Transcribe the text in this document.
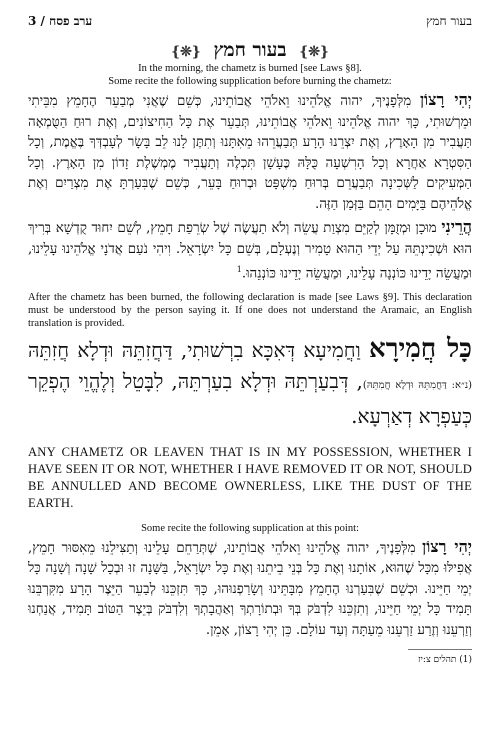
ערב פסח / 3	בעור חמץ
{❊} בעור חמץ {❊}
In the morning, the chametz is burned [see Laws §8].
Some recite the following supplication before burning the chametz:
יְהִי רָצוֹן מִלְּפָנֶיךָ, יהוה אֱלֹהֵינוּ וֵאלֹהֵי אֲבוֹתֵינוּ, כְּשֵׁם שֶׁאֲנִי מְבַעֵר הֶחָמֵץ מִבֵּיתִי וּמֵרְשׁוּתִי, כָּךְ יהוה אֱלֹהֵינוּ וֵאלֹהֵי אֲבוֹתֵינוּ, תְּבַעֵר אֶת כָּל הַחִיצוֹנִים, וְאֶת רוּחַ הַטֻּמְאָה תַּעֲבִיר מִן הָאָרֶץ, וְאֶת יִצְרֵנוּ הָרָע תְּבַעֲרֵהוּ מֵאִתָּנוּ וְתִתֶּן לָנוּ לֵב בָּשָׂר לְעָבְדְּךָ בֶּאֱמֶת, וְכָל הַסִּטְרָא אַחֲרָא וְכָל הָרִשְׁעָה כֻּלָּהּ כֶּעָשָׁן תִּכְלֶה וְתַעֲבִיר מֶמְשֶׁלֶת זָדוֹן מִן הָאָרֶץ. וְכָל הַמְּעִיקִים לַשְּׁכִינָה תְּבַעֲרֵם בְּרוּחַ מִשְׁפָּט וּבְרוּחַ בָּעֵר, כְּשֵׁם שֶׁבִּעַרְתָּ אֶת מִצְרַיִם וְאֶת אֱלֹהֵיהֶם בַּיָּמִים הָהֵם בַּזְּמַן הַזֶּה.
הֲרֵינִי מוּכָן וּמְזֻמָּן לְקַיֵּם מִצְוַת עֲשֵׂה וְלֹא תַעֲשֶׂה שֶׁל שְׂרֵפַת חָמֵץ, לְשֵׁם יִחוּד קֻדְשָׁא בְּרִיךְ הוּא וּשְׁכִינְתֵּהּ עַל יְדֵי הַהוּא טָמִיר וְנֶעְלָם, בְּשֵׁם כָּל יִשְׂרָאֵל. וִיהִי נֹעַם אֲדֹנָי אֱלֹהֵינוּ עָלֵינוּ, וּמַעֲשֵׂה יָדֵינוּ כּוֹנְנָה עָלֵינוּ, וּמַעֲשֵׂה יָדֵינוּ כּוֹנְנֵהוּ.$^1$
After the chametz has been burned, the following declaration is made [see Laws §9]. This declaration must be understood by the person saying it. If one does not understand the Aramaic, an English translation is provided.
כָּל חֲמִירָא וַחֲמִיעָא דְּאִכָּא בִרְשׁוּתִי, דַּחֲזִתֵּהּ וּדְלָא חֲזִתֵּהּ (נ״א: דַּחֲמִתֵּהּ וּדְלָא חֲמִתֵּהּ), דְּבִעַרְתֵּהּ וּדְלָא בִעַרְתֵּהּ, לִבָּטֵל וְלֶהֱוֵי הֶפְקֵר כְּעַפְרָא דְאַרְעָא.
ANY CHAMETZ OR LEAVEN THAT IS IN MY POSSESSION, WHETHER I HAVE SEEN IT OR NOT, WHETHER I HAVE REMOVED IT OR NOT, SHOULD BE ANNULLED AND BECOME OWNERLESS, LIKE THE DUST OF THE EARTH.
Some recite the following supplication at this point:
יְהִי רָצוֹן מִלְּפָנֶיךָ, יהוה אֱלֹהֵינוּ וֵאלֹהֵי אֲבוֹתֵינוּ, שֶׁתְּרַחֵם עָלֵינוּ וְתַצִּילֵנוּ מֵאִסּוּר חָמֵץ, אֲפִילּוּ מִכָּל שֶׁהוּא, אוֹתָנוּ וְאֶת כָּל בְּנֵי בֵיתֵנוּ וְאֶת כָּל יִשְׂרָאֵל, בַּשָּׁנָה זוּ וּבְכָל שָׁנָה וְשָׁנָה כָּל יְמֵי חַיֵּינוּ. וּכְשֵׁם שֶׁבִּעַרְנוּ הֶחָמֵץ מִבָּתֵּינוּ וְשָׂרַפְנוּהוּ, כָּךְ תִּזְכֵּנוּ לְבַעֵר הַיֵּצֶר הָרָע מִקִּרְבֵּנוּ תָּמִיד כָּל יְמֵי חַיֵּינוּ, וְתִזְכֵּנוּ לִדְבֹּק בְּךָ וּבְתוֹרָתְךָ וְאַהֲבָתְךָ וְלִדְבֹּק בְּיֵצֶר הַטּוֹב תָּמִיד, אֲנַחְנוּ וְזַרְעֵנוּ וְזֶרַע זַרְעֵנוּ מֵעַתָּה וְעַד עוֹלָם. כֵּן יְהִי רָצוֹן, אָמֵן.
(1) תהלים צ:יז
